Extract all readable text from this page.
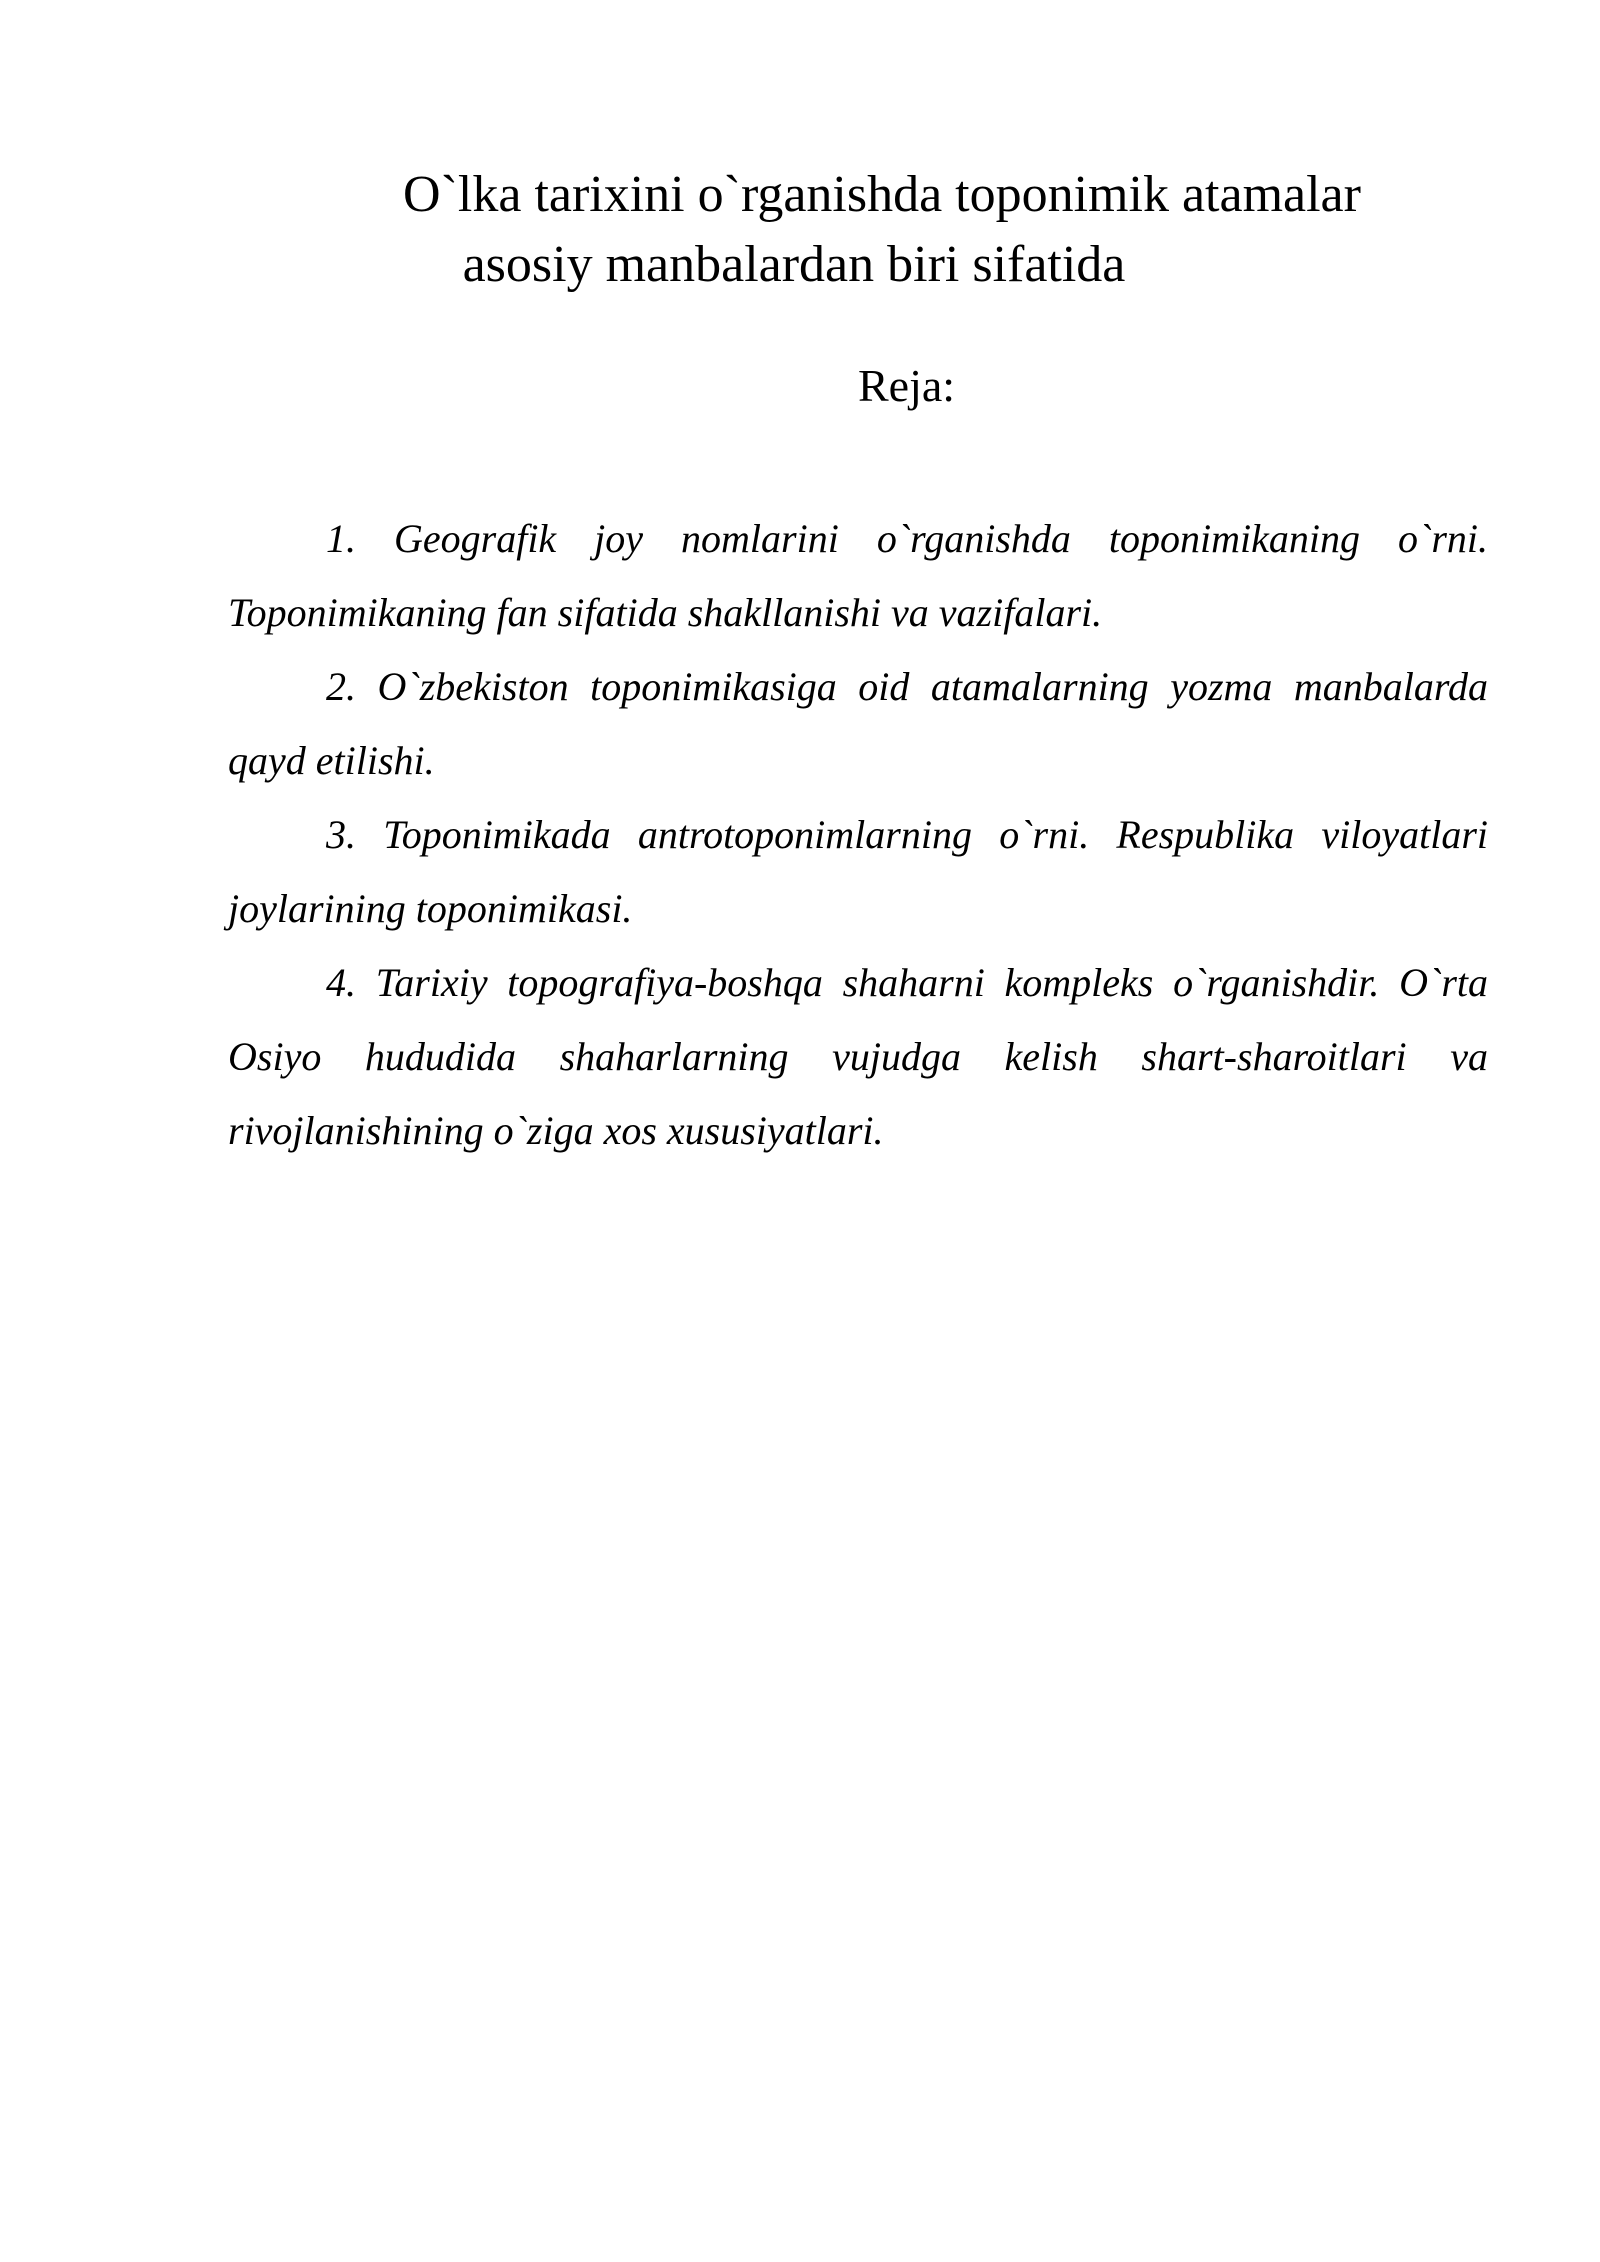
O`lka tarixini o`rganishda toponimik atamalar
asosiy manbalardan biri sifatida
Reja:
1. Geografik joy nomlarini o`rganishda toponimikaning o`rni. Toponimikaning fan sifatida shakllanishi va vazifalari.
2. O`zbekiston toponimikasiga oid atamalarning yozma manbalarda qayd etilishi.
3. Toponimikada antrotoponimlarning o`rni. Respublika viloyatlari joylarining toponimikasi.
4. Tarixiy topografiya-boshqa shaharni kompleks o`rganishdir. O`rta Osiyo hududida shaharlarning vujudga kelish shart-sharoitlari va rivojlanishining o`ziga xos xususiyatlari.
